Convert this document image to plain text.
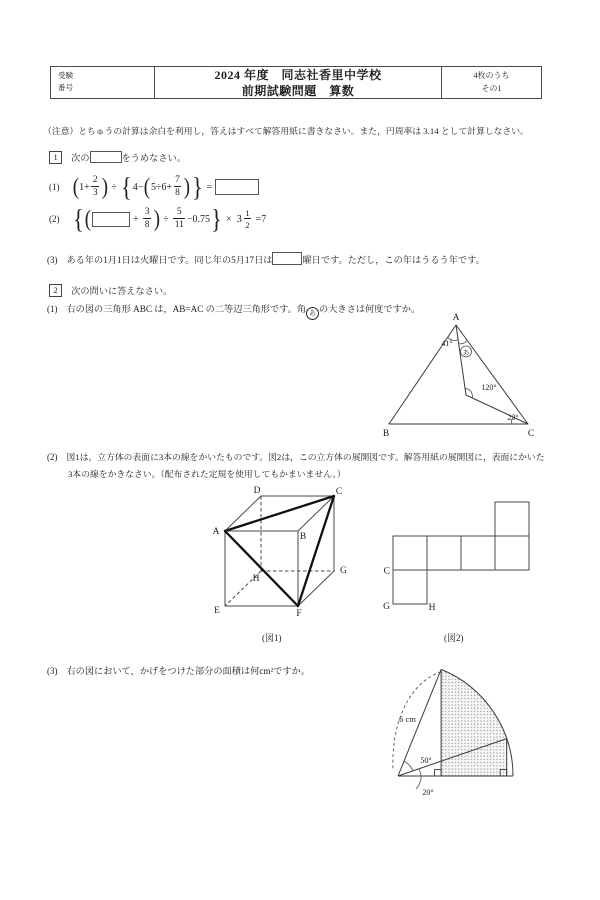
受験
番号
2024 年度　同志社香里中学校
前期試験問題　算数
4枚のうち
その1
（注意）とちゅうの計算は余白を利用し，答えはすべて解答用紙に書きなさい。また，円周率は 3.14 として計算しなさい。
1 次の	をうめなさい。
(1) ( $1+ \frac{2}{3}$ ) ÷ { 4− ( $5\div 6+ \frac{7}{8}$ ) } =
(2) { (	+ $\frac{3}{8}$ ) ÷ $\frac{5}{11} -0.75$ } × $3 \frac{1}{2} =7$
(3) ある年の1月1日は火曜日です。同じ年の5月17日は	曜日です。ただし，この年はうるう年です。
2 次の問いに答えなさい。
(1) 右の図の三角形 ABC は，AB=AC の二等辺三角形です。角 あ の大きさは何度ですか。
A
B	C
41°
あ
120°
23°
(2) 図1は，立方体の表面に3本の線をかいたものです。図2は，この立方体の展開図です。解答用紙の展開図に，表面にかいた
3本の線をかきなさい。（配布された定規を使用してもかまいません。）
D	C
A	B
E	F
G
H
C
G	H
(図1)	(図2)
(3) 右の図において，かげをつけた部分の面積は何cm²ですか。
6 cm
50°
20°
